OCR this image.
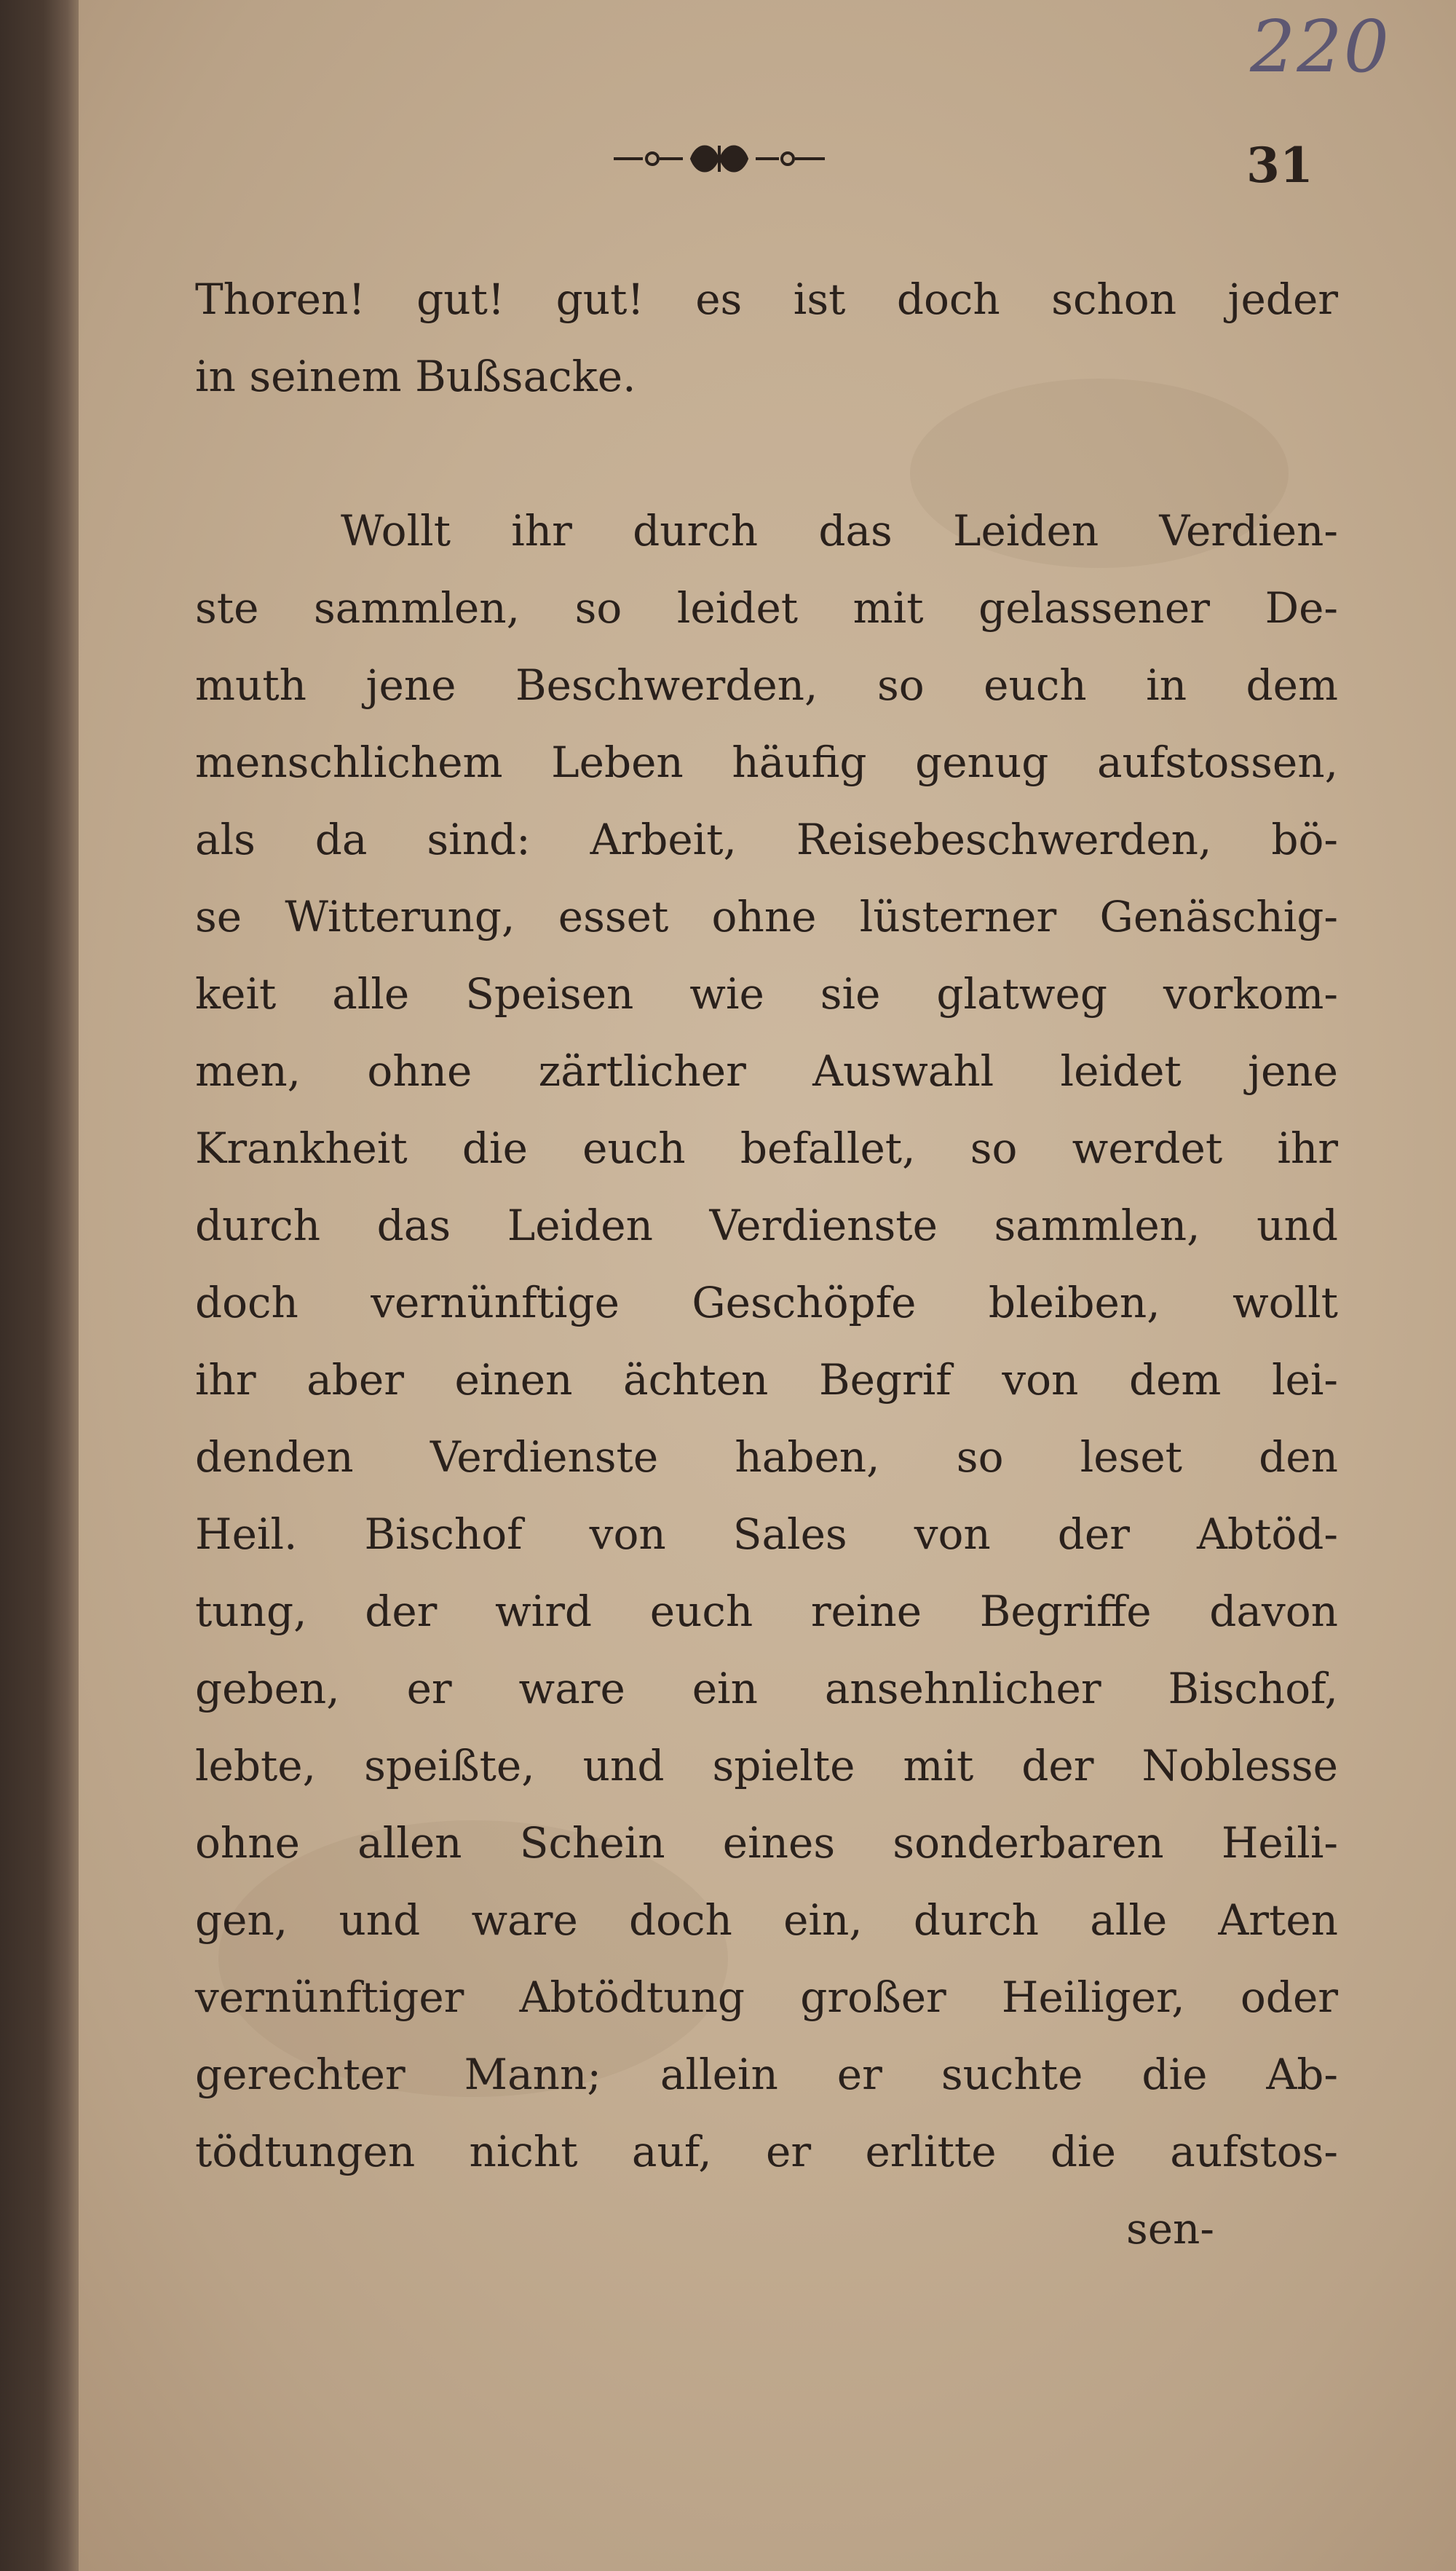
220
31
Thoren! gut! gut! es ist doch schon jeder
in seinem Bußsacke.
Wollt ihr durch das Leiden Verdien-
ste sammlen, so leidet mit gelassener De-
muth jene Beschwerden, so euch in dem
menschlichem Leben häufig genug aufstossen,
als da sind: Arbeit, Reisebeschwerden, bö-
se Witterung, esset ohne lüsterner Genäschig-
keit alle Speisen wie sie glatweg vorkom-
men, ohne zärtlicher Auswahl leidet jene
Krankheit die euch befallet, so werdet ihr
durch das Leiden Verdienste sammlen, und
doch vernünftige Geschöpfe bleiben, wollt
ihr aber einen ächten Begrif von dem lei-
denden Verdienste haben, so leset den
Heil. Bischof von Sales von der Abtöd-
tung, der wird euch reine Begriffe davon
geben, er ware ein ansehnlicher Bischof,
lebte, speißte, und spielte mit der Noblesse
ohne allen Schein eines sonderbaren Heili-
gen, und ware doch ein, durch alle Arten
vernünftiger Abtödtung großer Heiliger, oder
gerechter Mann; allein er suchte die Ab-
tödtungen nicht auf, er erlitte die aufstos-
sen-
